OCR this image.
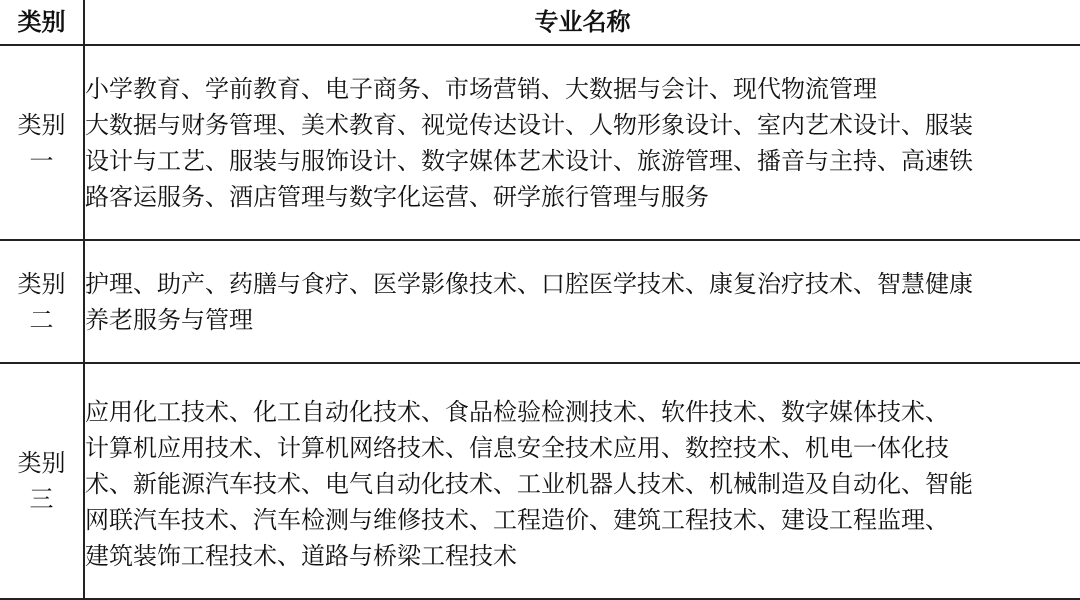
类别	专业名称

类别
一	小学教育、学前教育、电子商务、市场营销、大数据与会计、现代物流管理
大数据与财务管理、美术教育、视觉传达设计、人物形象设计、室内艺术设计、服装
设计与工艺、服装与服饰设计、数字媒体艺术设计、旅游管理、播音与主持、高速铁
路客运服务、酒店管理与数字化运营、研学旅行管理与服务

类别
二	护理、助产、药膳与食疗、医学影像技术、口腔医学技术、康复治疗技术、智慧健康
养老服务与管理

类别
三	应用化工技术、化工自动化技术、食品检验检测技术、软件技术、数字媒体技术、
计算机应用技术、计算机网络技术、信息安全技术应用、数控技术、机电一体化技
术、新能源汽车技术、电气自动化技术、工业机器人技术、机械制造及自动化、智能
网联汽车技术、汽车检测与维修技术、工程造价、建筑工程技术、建设工程监理、
建筑装饰工程技术、道路与桥梁工程技术
